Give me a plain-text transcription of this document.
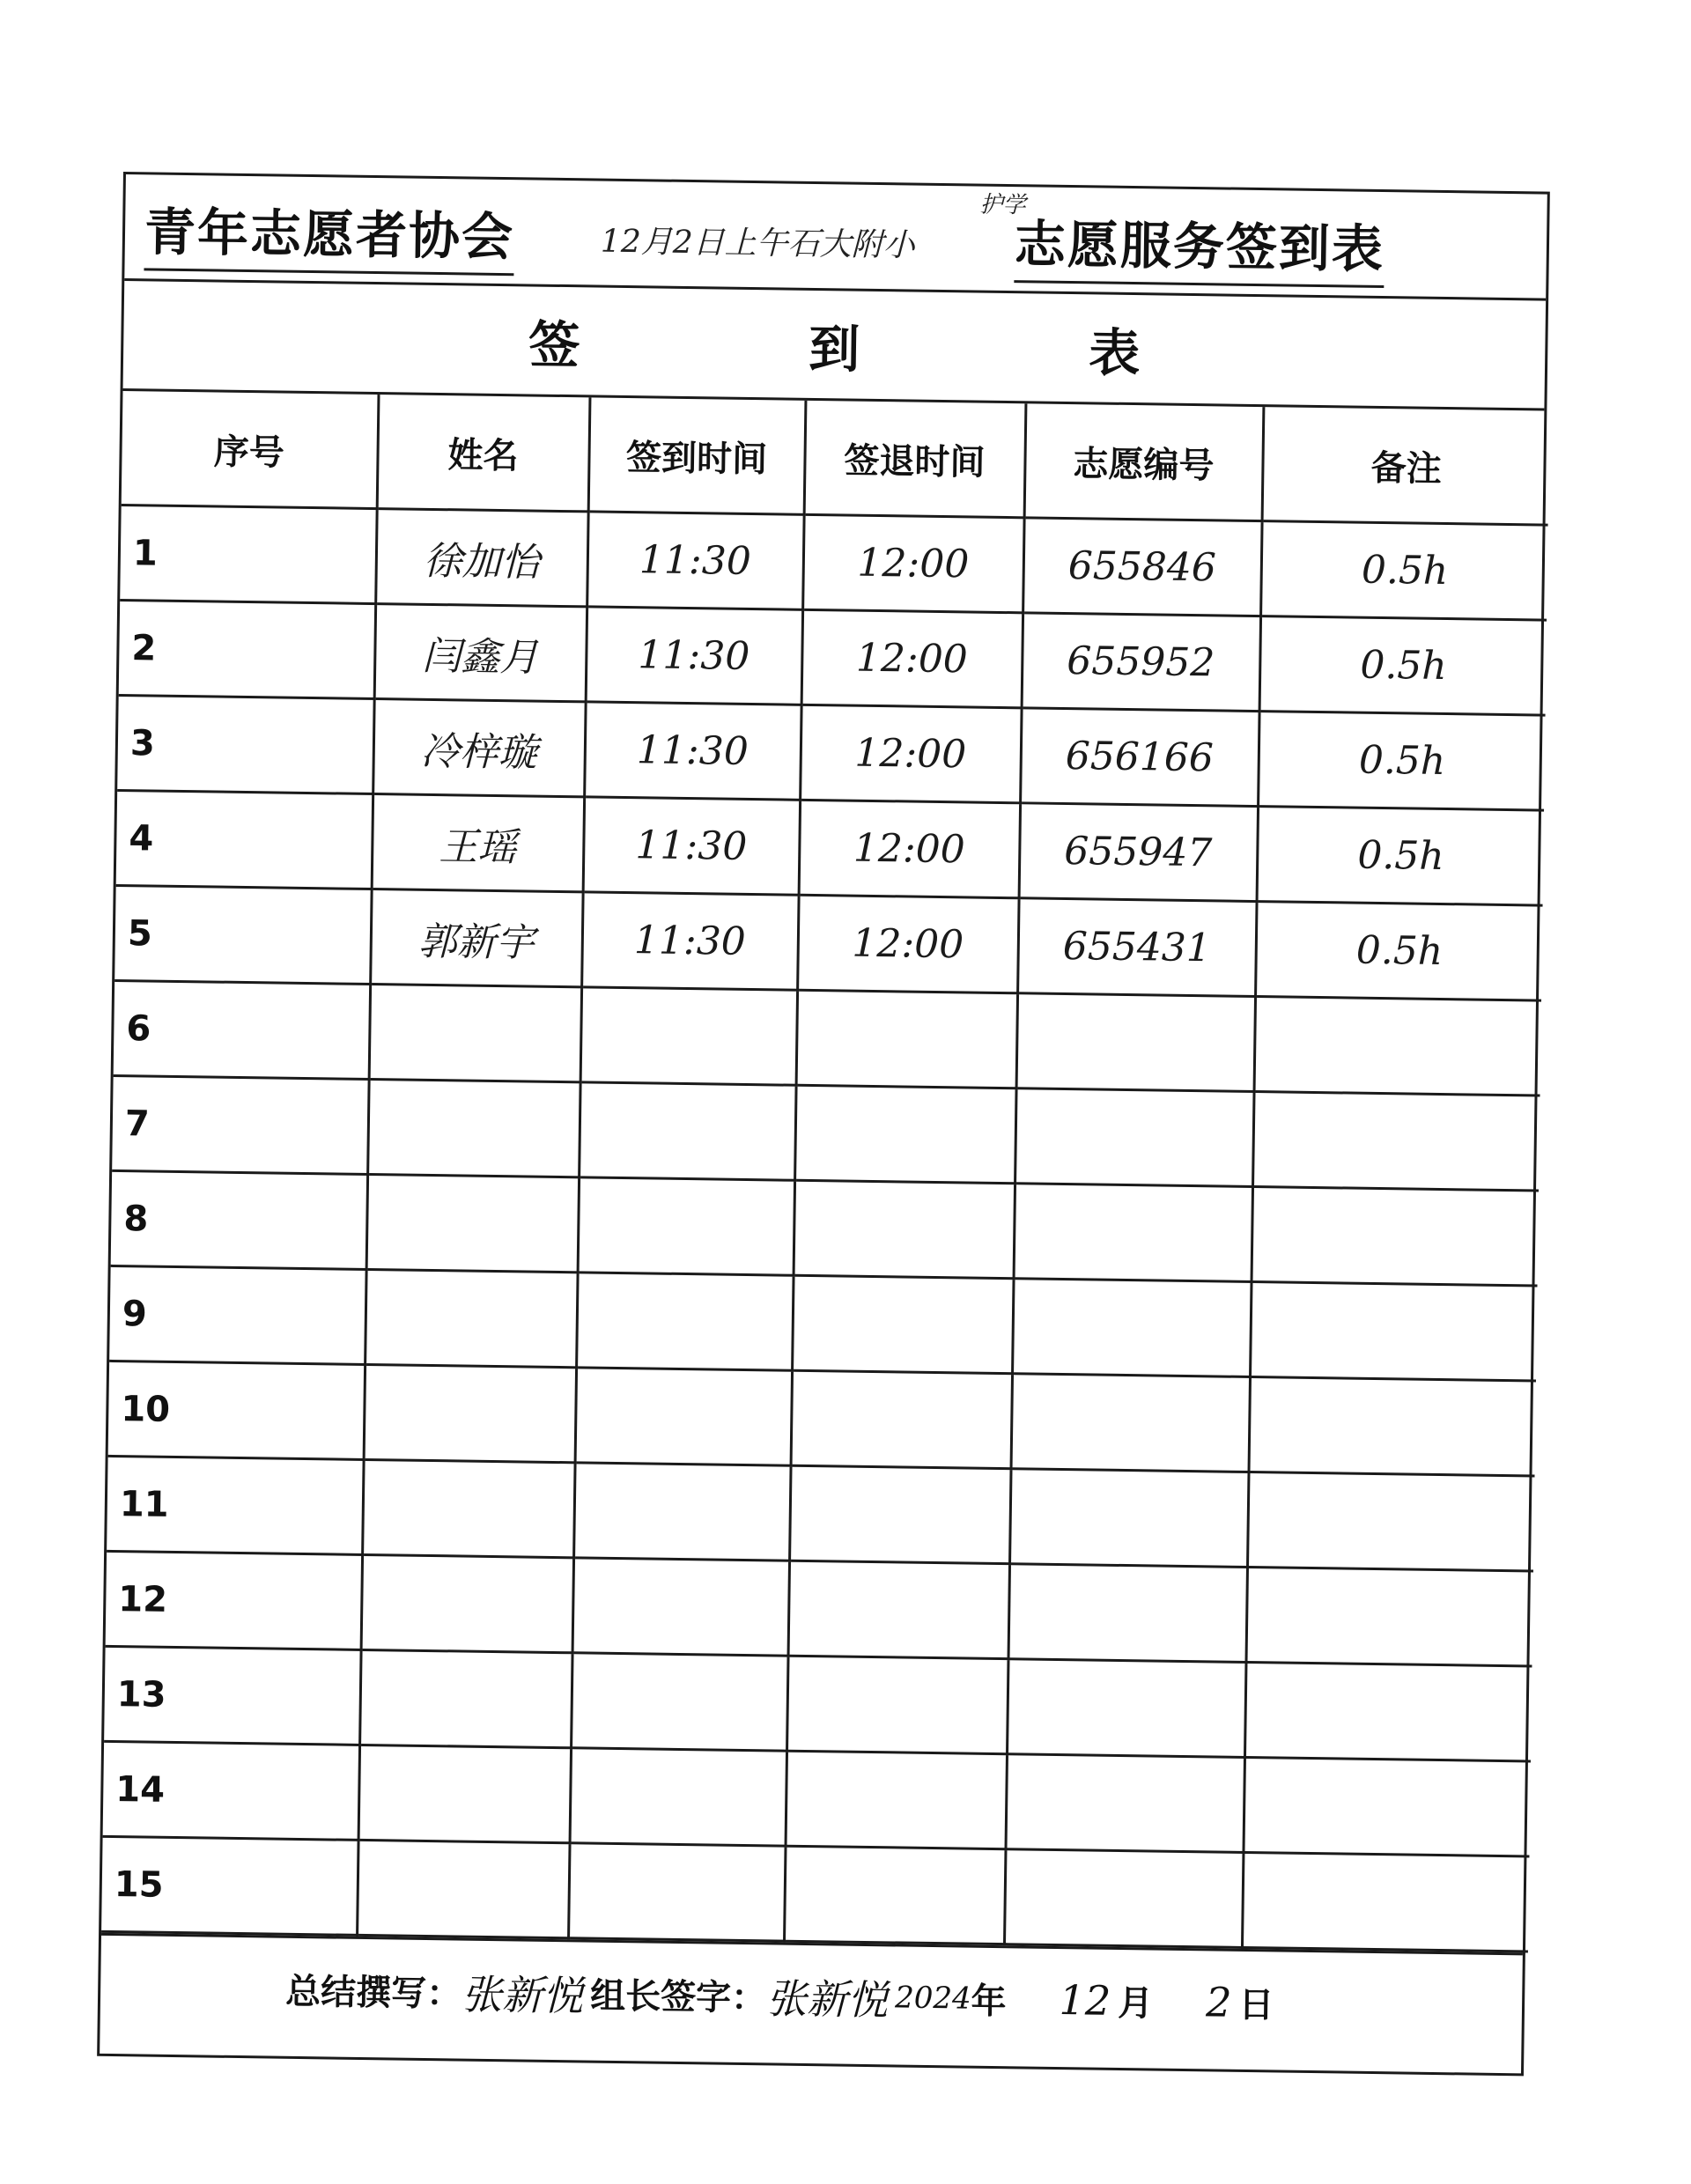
青年志愿者协会	12月2日上午石大附小
护学
志愿服务签到表
签到表
序号	姓名	签到时间	签退时间	志愿编号	备注
1	徐加怡	11:30	12:00	655846	0.5h
2	闫鑫月	11:30	12:00	655952	0.5h
3	冷梓璇	11:30	12:00	656166	0.5h
4	王瑶	11:30	12:00	655947	0.5h
5	郭新宇	11:30	12:00	655431	0.5h
6					
7					
8					
9					
10					
11					
12					
13					
14					
15					
总结撰写： 张新悦 组长签字： 张新悦 2024 年 12 月 2 日
